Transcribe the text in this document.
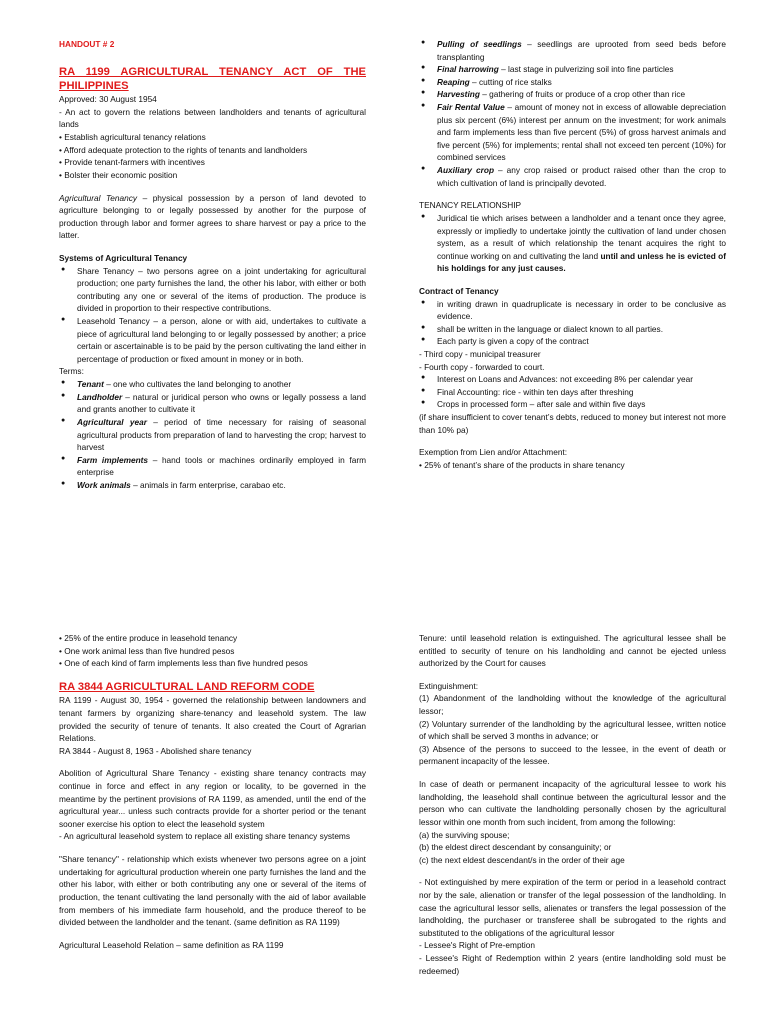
HANDOUT # 2
RA 1199 AGRICULTURAL TENANCY ACT OF THE PHILIPPINES

Approved: 30 August 1954

- An act to govern the relations between landholders and tenants of agricultural lands

• Establish agricultural tenancy relations

• Afford adequate protection to the rights of tenants and landholders

• Provide tenant-farmers with incentives

• Bolster their economic position

Agricultural Tenancy – physical possession by a person of land devoted to agriculture belonging to or legally possessed by another for the purpose of production through labor and former agrees to share harvest or pay a price to the latter.

Systems of Agricultural Tenancy

● Share Tenancy – two persons agree on a joint undertaking for agricultural production; one party furnishes the land, the other his labor, with either or both contributing any one or several of the items of production. The produce is divided in proportion to their respective contributions.
● Leasehold Tenancy – a person, alone or with aid, undertakes to cultivate a piece of agricultural land belonging to or legally possessed by another; a price certain or ascertainable is to be paid by the person cultivating the land either in percentage of production or fixed amount in money or in both.

Terms:

● Tenant – one who cultivates the land belonging to another
● Landholder – natural or juridical person who owns or legally possess a land and grants another to cultivate it
● Agricultural year – period of time necessary for raising of seasonal agricultural products from preparation of land to harvesting the crop; harvest to harvest
● Farm implements – hand tools or machines ordinarily employed in farm enterprise
● Work animals – animals in farm enterprise, carabao etc.
● Pulling of seedlings – seedlings are uprooted from seed beds before transplanting
● Final harrowing – last stage in pulverizing soil into fine particles
● Reaping – cutting of rice stalks
● Harvesting – gathering of fruits or produce of a crop other than rice
● Fair Rental Value – amount of money not in excess of allowable depreciation plus six percent (6%) interest per annum on the investment; for work animals and farm implements less than five percent (5%) of gross harvest animals and five percent (5%) for implements; rental shall not exceed ten percent (10%) for combined services
● Auxiliary crop – any crop raised or product raised other than the crop to which cultivation of land is principally devoted.

TENANCY RELATIONSHIP

● Juridical tie which arises between a landholder and a tenant once they agree, expressly or impliedly to undertake jointly the cultivation of land under chosen system, as a result of which relationship the tenant acquires the right to continue working on and cultivating the land until and unless he is evicted of his holdings for any just causes.

Contract of Tenancy

● in writing drawn in quadruplicate is necessary in order to be conclusive as evidence.
● shall be written in the language or dialect known to all parties.
● Each party is given a copy of the contract

- Third copy - municipal treasurer

- Fourth copy - forwarded to court.

● Interest on Loans and Advances: not exceeding 8% per calendar year
● Final Accounting: rice - within ten days after threshing
● Crops in processed form – after sale and within five days

(if share insufficient to cover tenant’s debts, reduced to money but interest not more than 10% pa)

Exemption from Lien and/or Attachment:

• 25% of tenant’s share of the products in share tenancy

• 25% of the entire produce in leasehold tenancy

• One work animal less than five hundred pesos

• One of each kind of farm implements less than five hundred pesos

RA 3844 AGRICULTURAL LAND REFORM CODE

RA 1199 - August 30, 1954 - governed the relationship between landowners and tenant farmers by organizing share-tenancy and leasehold system. The law provided the security of tenure of tenants. It also created the Court of Agrarian Relations.

RA 3844 - August 8, 1963 - Abolished share tenancy

Abolition of Agricultural Share Tenancy - existing share tenancy contracts may continue in force and effect in any region or locality, to be governed in the meantime by the pertinent provisions of RA 1199, as amended, until the end of the agricultural year... unless such contracts provide for a shorter period or the tenant sooner exercise his option to elect the leasehold system

- An agricultural leasehold system to replace all existing share tenancy systems

"Share tenancy" - relationship which exists whenever two persons agree on a joint undertaking for agricultural production wherein one party furnishes the land and the other his labor, with either or both contributing any one or several of the items of production, the tenant cultivating the land personally with the aid of labor available from members of his immediate farm household, and the produce thereof to be divided between the landholder and the tenant. (same definition as RA 1199)

Agricultural Leasehold Relation – same definition as RA 1199

Tenure: until leasehold relation is extinguished. The agricultural lessee shall be entitled to security of tenure on his landholding and cannot be ejected unless authorized by the Court for causes

Extinguishment:

(1) Abandonment of the landholding without the knowledge of the agricultural lessor;

(2) Voluntary surrender of the landholding by the agricultural lessee, written notice of which shall be served 3 months in advance; or

(3) Absence of the persons to succeed to the lessee, in the event of death or permanent incapacity of the lessee.

In case of death or permanent incapacity of the agricultural lessee to work his landholding, the leasehold shall continue between the agricultural lessor and the person who can cultivate the landholding personally chosen by the agricultural lessor within one month from such incident, from among the following:

(a) the surviving spouse;

(b) the eldest direct descendant by consanguinity; or

(c) the next eldest descendant/s in the order of their age

- Not extinguished by mere expiration of the term or period in a leasehold contract nor by the sale, alienation or transfer of the legal possession of the landholding. In case the agricultural lessor sells, alienates or transfers the legal possession of the landholding, the purchaser or transferee shall be subrogated to the rights and substituted to the obligations of the agricultural lessor

- Lessee's Right of Pre-emption

- Lessee's Right of Redemption within 2 years (entire landholding sold must be redeemed)
